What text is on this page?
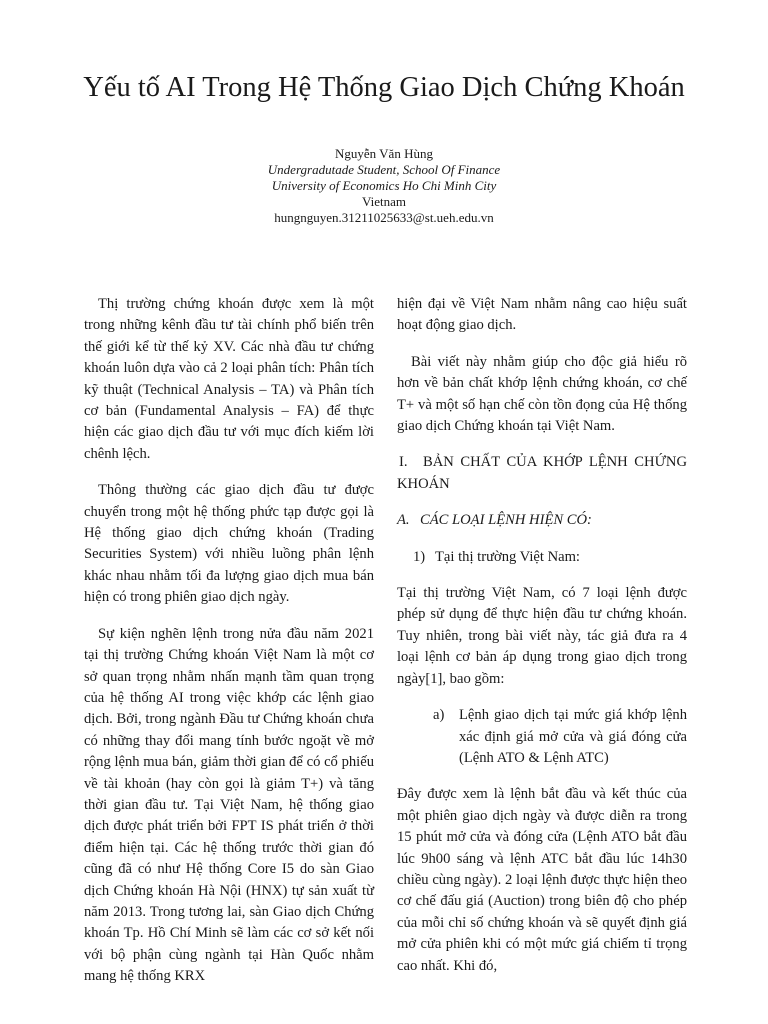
Yếu tố AI Trong Hệ Thống Giao Dịch Chứng Khoán
Nguyễn Văn Hùng
Undergradutade Student, School Of Finance
University of Economics Ho Chi Minh City
Vietnam
hungnguyen.31211025633@st.ueh.edu.vn

Thị trường chứng khoán được xem là một trong những kênh đầu tư tài chính phổ biến trên thế giới kể từ thế kỷ XV. Các nhà đầu tư chứng khoán luôn dựa vào cả 2 loại phân tích: Phân tích kỹ thuật (Technical Analysis – TA) và Phân tích cơ bản (Fundamental Analysis – FA) để thực hiện các giao dịch đầu tư với mục đích kiếm lời chênh lệch.

Thông thường các giao dịch đầu tư được chuyển trong một hệ thống phức tạp được gọi là Hệ thống giao dịch chứng khoán (Trading Securities System) với nhiều luồng phân lệnh khác nhau nhằm tối đa lượng giao dịch mua bán hiện có trong phiên giao dịch ngày.

Sự kiện nghẽn lệnh trong nửa đầu năm 2021 tại thị trường Chứng khoán Việt Nam là một cơ sở quan trọng nhằm nhấn mạnh tầm quan trọng của hệ thống AI trong việc khớp các lệnh giao dịch. Bởi, trong ngành Đầu tư Chứng khoán chưa có những thay đổi mang tính bước ngoặt về mở rộng lệnh mua bán, giảm thời gian để có cổ phiếu về tài khoản (hay còn gọi là giảm T+) và tăng thời gian đầu tư. Tại Việt Nam, hệ thống giao dịch được phát triển bởi FPT IS phát triển ở thời điểm hiện tại. Các hệ thống trước thời gian đó cũng đã có như Hệ thống Core I5 do sàn Giao dịch Chứng khoán Hà Nội (HNX) tự sản xuất từ năm 2013. Trong tương lai, sàn Giao dịch Chứng khoán Tp. Hồ Chí Minh sẽ làm các cơ sở kết nối với bộ phận cùng ngành tại Hàn Quốc nhằm mang hệ thống KRX

hiện đại về Việt Nam nhằm nâng cao hiệu suất hoạt động giao dịch.

Bài viết này nhằm giúp cho độc giả hiểu rõ hơn về bản chất khớp lệnh chứng khoán, cơ chế T+ và một số hạn chế còn tồn đọng của Hệ thống giao dịch Chứng khoán tại Việt Nam.

I. BẢN CHẤT CỦA KHỚP LỆNH CHỨNG KHOÁN

A. CÁC LOẠI LỆNH HIỆN CÓ:

1) Tại thị trường Việt Nam:

Tại thị trường Việt Nam, có 7 loại lệnh được phép sử dụng để thực hiện đầu tư chứng khoán. Tuy nhiên, trong bài viết này, tác giả đưa ra 4 loại lệnh cơ bản áp dụng trong giao dịch trong ngày[1], bao gồm:

a) Lệnh giao dịch tại mức giá khớp lệnh xác định giá mở cửa và giá đóng cửa (Lệnh ATO & Lệnh ATC)

Đây được xem là lệnh bắt đầu và kết thúc của một phiên giao dịch ngày và được diễn ra trong 15 phút mở cửa và đóng cửa (Lệnh ATO bắt đầu lúc 9h00 sáng và lệnh ATC bắt đầu lúc 14h30 chiều cùng ngày). 2 loại lệnh được thực hiện theo cơ chế đấu giá (Auction) trong biên độ cho phép của mỗi chỉ số chứng khoán và sẽ quyết định giá mở cửa phiên khi có một mức giá chiếm tỉ trọng cao nhất. Khi đó,
